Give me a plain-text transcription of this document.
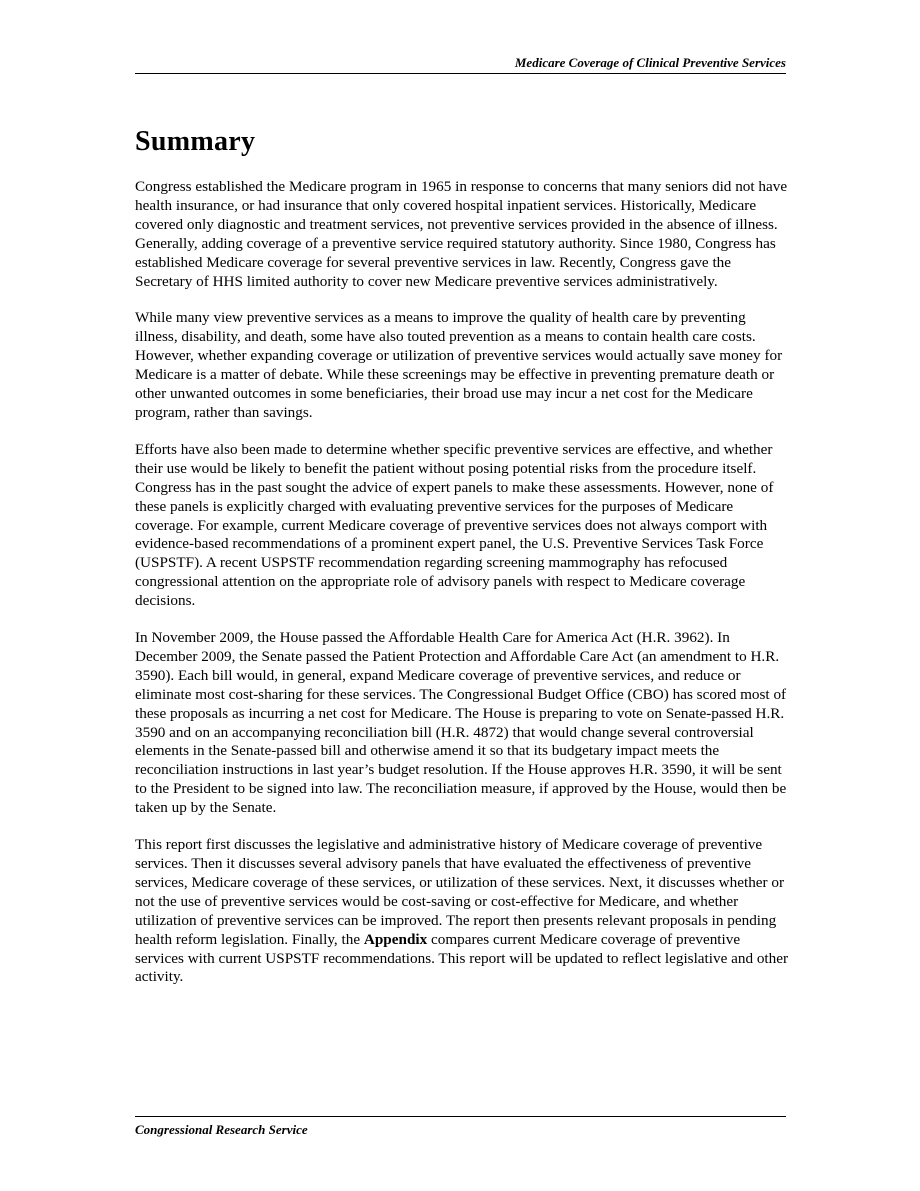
Medicare Coverage of Clinical Preventive Services
Summary

Congress established the Medicare program in 1965 in response to concerns that many seniors did not have health insurance, or had insurance that only covered hospital inpatient services. Historically, Medicare covered only diagnostic and treatment services, not preventive services provided in the absence of illness. Generally, adding coverage of a preventive service required statutory authority. Since 1980, Congress has established Medicare coverage for several preventive services in law. Recently, Congress gave the Secretary of HHS limited authority to cover new Medicare preventive services administratively.

While many view preventive services as a means to improve the quality of health care by preventing illness, disability, and death, some have also touted prevention as a means to contain health care costs. However, whether expanding coverage or utilization of preventive services would actually save money for Medicare is a matter of debate. While these screenings may be effective in preventing premature death or other unwanted outcomes in some beneficiaries, their broad use may incur a net cost for the Medicare program, rather than savings.

Efforts have also been made to determine whether specific preventive services are effective, and whether their use would be likely to benefit the patient without posing potential risks from the procedure itself. Congress has in the past sought the advice of expert panels to make these assessments. However, none of these panels is explicitly charged with evaluating preventive services for the purposes of Medicare coverage. For example, current Medicare coverage of preventive services does not always comport with evidence-based recommendations of a prominent expert panel, the U.S. Preventive Services Task Force (USPSTF). A recent USPSTF recommendation regarding screening mammography has refocused congressional attention on the appropriate role of advisory panels with respect to Medicare coverage decisions.

In November 2009, the House passed the Affordable Health Care for America Act (H.R. 3962). In December 2009, the Senate passed the Patient Protection and Affordable Care Act (an amendment to H.R. 3590). Each bill would, in general, expand Medicare coverage of preventive services, and reduce or eliminate most cost-sharing for these services. The Congressional Budget Office (CBO) has scored most of these proposals as incurring a net cost for Medicare. The House is preparing to vote on Senate-passed H.R. 3590 and on an accompanying reconciliation bill (H.R. 4872) that would change several controversial elements in the Senate-passed bill and otherwise amend it so that its budgetary impact meets the reconciliation instructions in last year’s budget resolution. If the House approves H.R. 3590, it will be sent to the President to be signed into law. The reconciliation measure, if approved by the House, would then be taken up by the Senate.

This report first discusses the legislative and administrative history of Medicare coverage of preventive services. Then it discusses several advisory panels that have evaluated the effectiveness of preventive services, Medicare coverage of these services, or utilization of these services. Next, it discusses whether or not the use of preventive services would be cost-saving or cost-effective for Medicare, and whether utilization of preventive services can be improved. The report then presents relevant proposals in pending health reform legislation. Finally, the Appendix compares current Medicare coverage of preventive services with current USPSTF recommendations. This report will be updated to reflect legislative and other activity.

Congressional Research Service
